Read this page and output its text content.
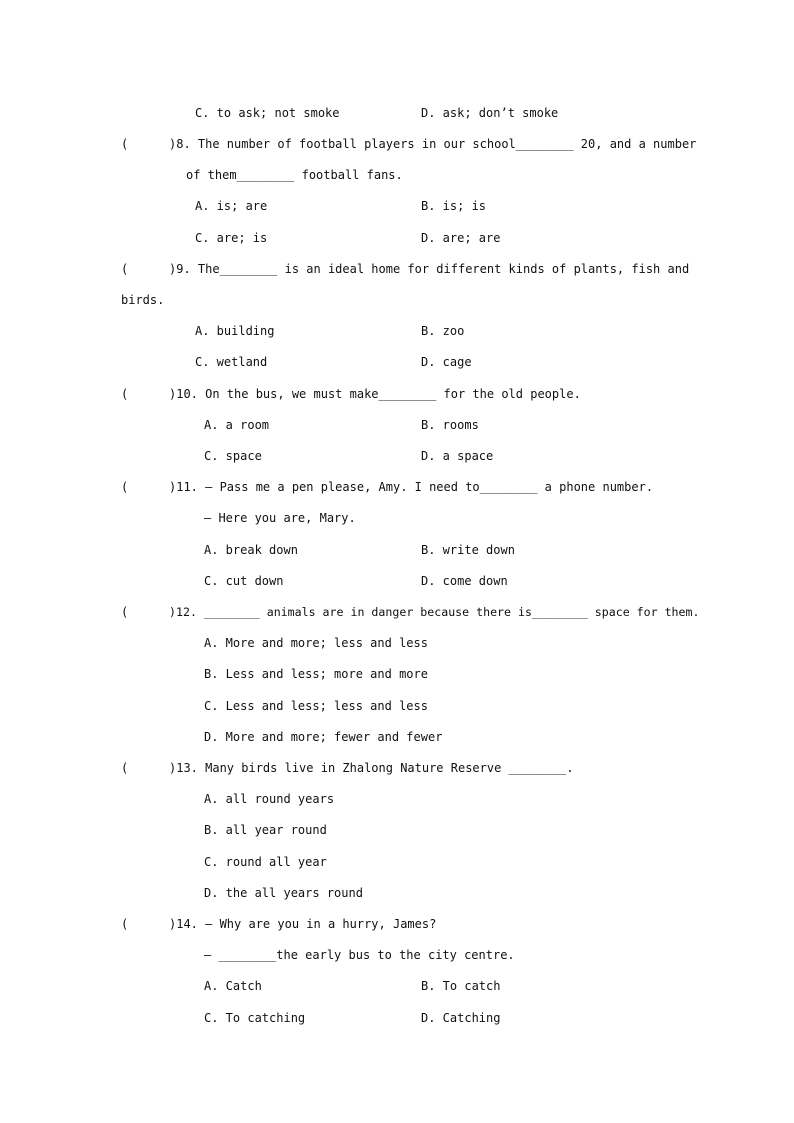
C. to ask; not smoke	D. ask; don’t smoke
(	)8. The number of football players in our school________ 20, and a number
of them________ football fans.
A. is; are	B. is; is
C. are; is	D. are; are
(	)9. The________ is an ideal home for different kinds of plants, fish and
birds.
A. building	B. zoo
C. wetland	D. cage
(	)10. On the bus, we must make________ for the old people.
A. a room	B. rooms
C. space	D. a space
(	)11. — Pass me a pen please, Amy. I need to________ a phone number.
— Here you are, Mary.
A. break down	B. write down
C. cut down	D. come down
(	)12. ________ animals are in danger because there is________ space for them.
A. More and more; less and less
B. Less and less; more and more
C. Less and less; less and less
D. More and more; fewer and fewer
(	)13. Many birds live in Zhalong Nature Reserve ________.
A. all round years
B. all year round
C. round all year
D. the all years round
(	)14. — Why are you in a hurry, James?
— ________the early bus to the city centre.
A. Catch	B. To catch
C. To catching	D. Catching
